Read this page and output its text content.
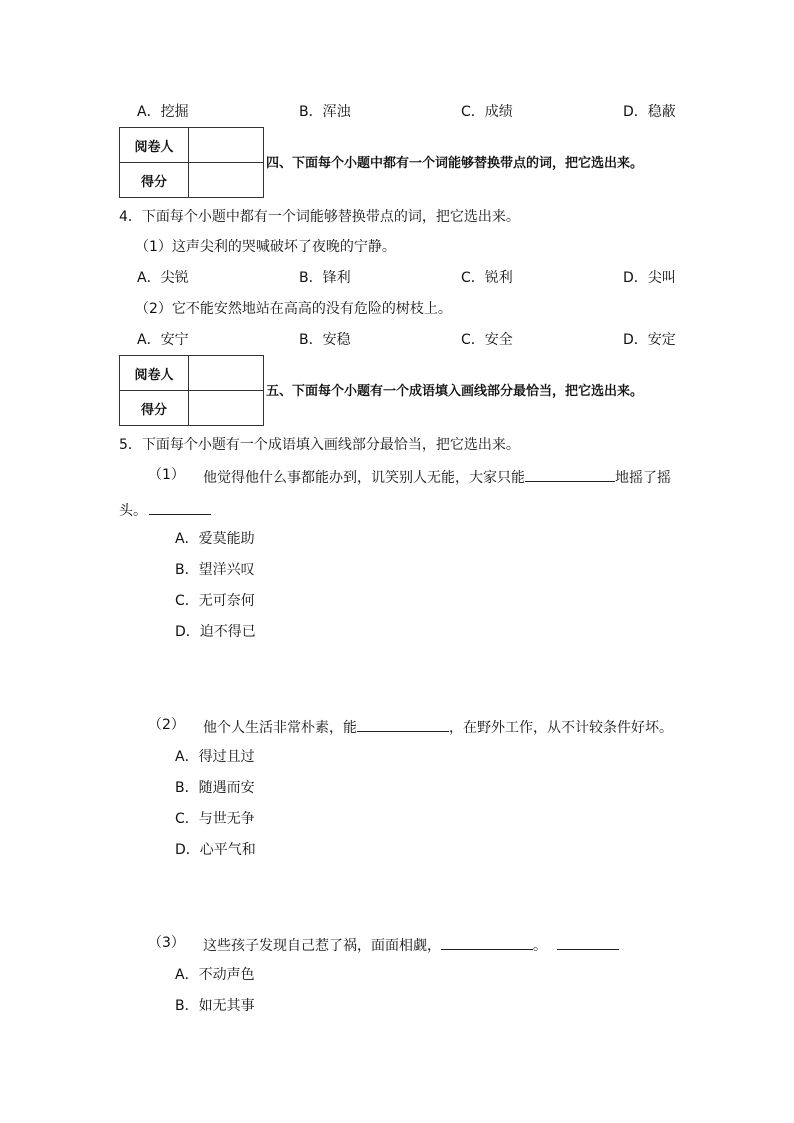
A．挖掘	B．浑浊	C．成绩	D．稳蔽
阅卷人	
得分	
四、下面每个小题中都有一个词能够替换带点的词，把它选出来。
4．下面每个小题中都有一个词能够替换带点的词，把它选出来。
（1）这声尖利的哭喊破坏了夜晚的宁静。
A．尖锐	B．锋利	C．锐利	D．尖叫
（2）它不能安然地站在高高的没有危险的树枝上。
A．安宁	B．安稳	C．安全	D．安定
阅卷人	
得分	
五、下面每个小题有一个成语填入画线部分最恰当，把它选出来。
5．下面每个小题有一个成语填入画线部分最恰当，把它选出来。
（1） 他觉得他什么事都能办到，讥笑别人无能，大家只能	地摇了摇
头。
A．爱莫能助
B．望洋兴叹
C．无可奈何
D．迫不得已
（2） 他个人生活非常朴素，能	，在野外工作，从不计较条件好坏。
A．得过且过
B．随遇而安
C．与世无争
D．心平气和
（3） 这些孩子发现自己惹了祸，面面相觑，	。
A．不动声色
B．如无其事
